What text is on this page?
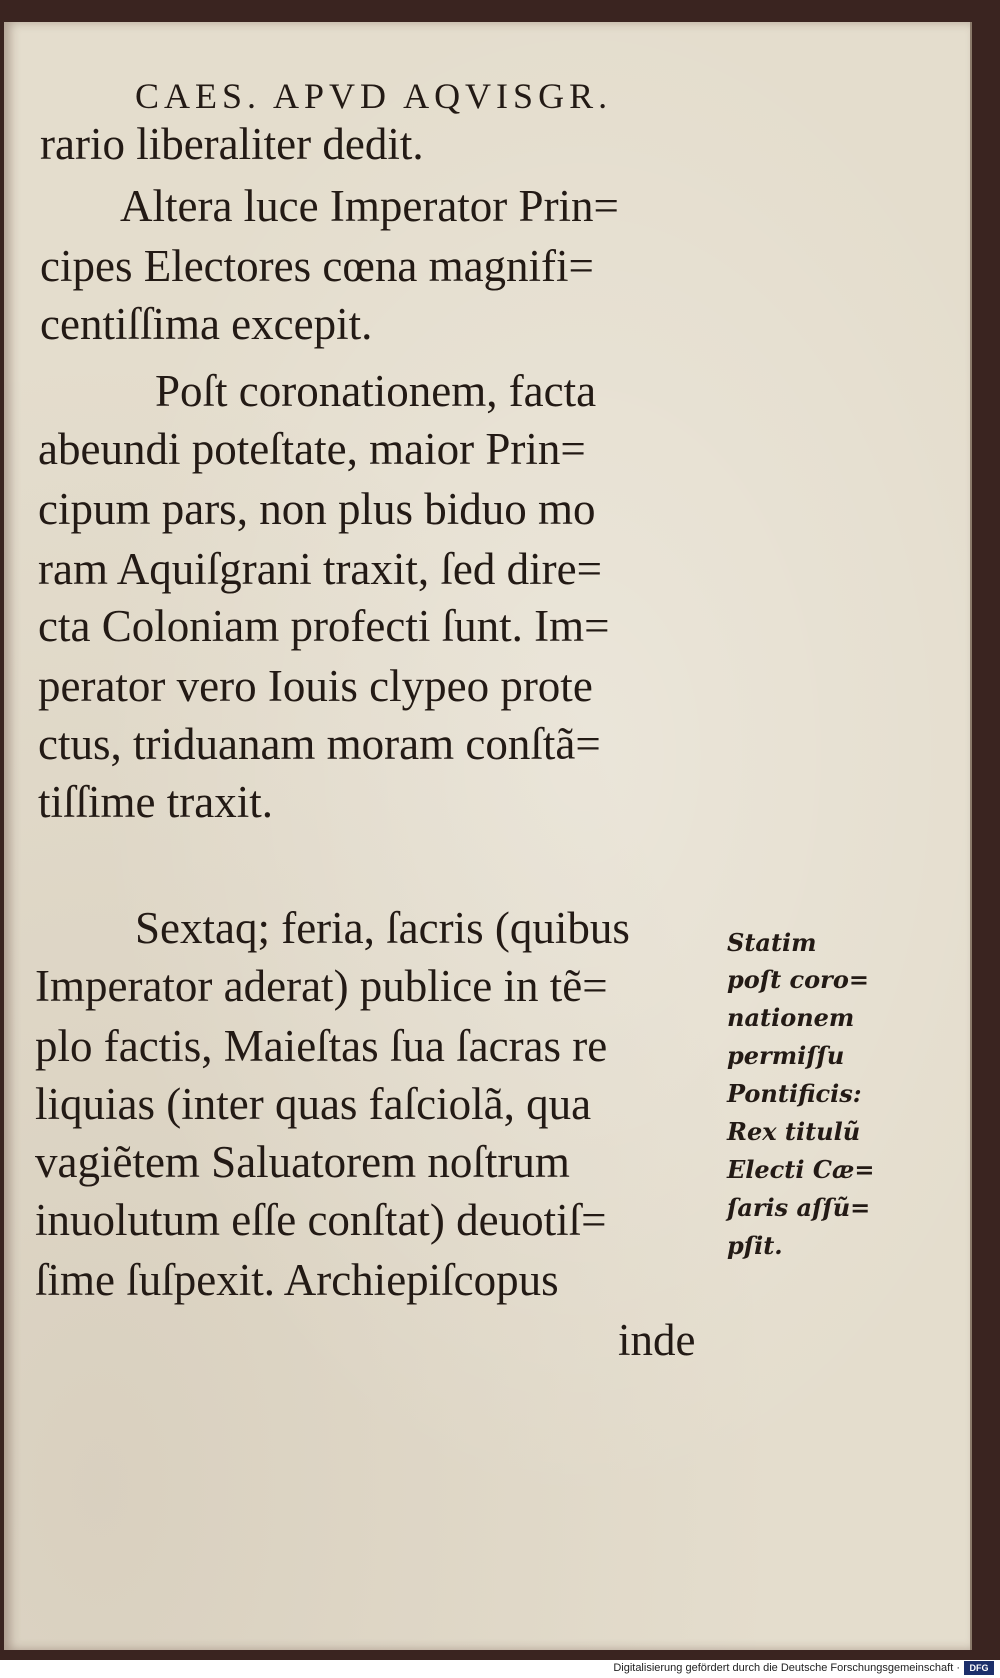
CAES. APVD AQVISGR.
rario liberaliter dedit.
Altera luce Imperator Prin=
cipes Electores cœna magnifi=
centiſſima excepit.
Poſt coronationem, facta
abeundi poteſtate, maior Prin=
cipum pars, non plus biduo mo
ram Aquiſgrani traxit, ſed dire=
cta Coloniam profecti ſunt. Im=
perator vero Iouis clypeo prote
ctus, triduanam moram conſtã=
tiſſime traxit.
Sextaq; feria, ſacris (quibus
Imperator aderat) publice in tẽ=
plo factis, Maieſtas ſua ſacras re
liquias (inter quas faſciolã, qua
vagiẽtem Saluatorem noſtrum
inuolutum eſſe conſtat) deuotiſ=
ſime ſuſpexit. Archiepiſcopus
inde
Statim
poſt coro=
nationem
permiſſu
Pontificis:
Rex titulũ
Electi Cæ=
ſaris aſſũ=
pſit.
Digitalisierung gefördert durch die Deutsche Forschungsgemeinschaft ·	DFG
